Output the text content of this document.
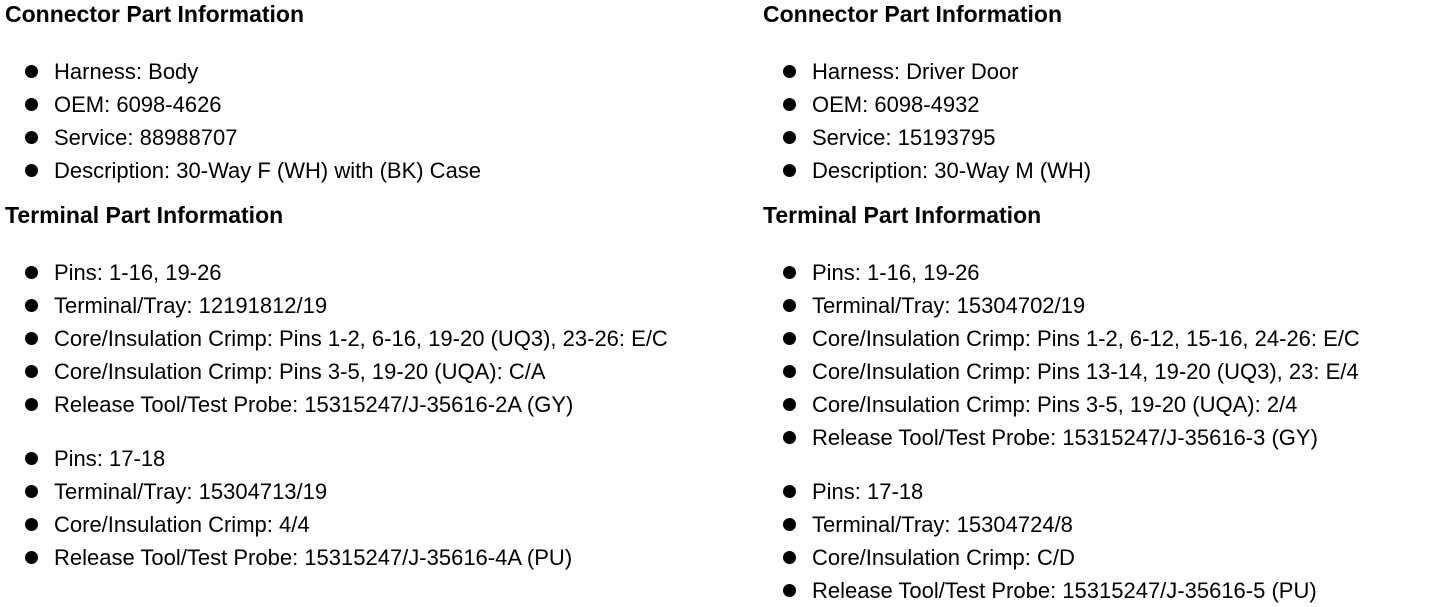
Connector Part Information
Harness: Body
OEM: 6098-4626
Service: 88988707
Description: 30-Way F (WH) with (BK) Case
Terminal Part Information
Pins: 1-16, 19-26
Terminal/Tray: 12191812/19
Core/Insulation Crimp: Pins 1-2, 6-16, 19-20 (UQ3), 23-26: E/C
Core/Insulation Crimp: Pins 3-5, 19-20 (UQA): C/A
Release Tool/Test Probe: 15315247/J-35616-2A (GY)
Pins: 17-18
Terminal/Tray: 15304713/19
Core/Insulation Crimp: 4/4
Release Tool/Test Probe: 15315247/J-35616-4A (PU)
Connector Part Information
Harness: Driver Door
OEM: 6098-4932
Service: 15193795
Description: 30-Way M (WH)
Terminal Part Information
Pins: 1-16, 19-26
Terminal/Tray: 15304702/19
Core/Insulation Crimp: Pins 1-2, 6-12, 15-16, 24-26: E/C
Core/Insulation Crimp: Pins 13-14, 19-20 (UQ3), 23: E/4
Core/Insulation Crimp: Pins 3-5, 19-20 (UQA): 2/4
Release Tool/Test Probe: 15315247/J-35616-3 (GY)
Pins: 17-18
Terminal/Tray: 15304724/8
Core/Insulation Crimp: C/D
Release Tool/Test Probe: 15315247/J-35616-5 (PU)
